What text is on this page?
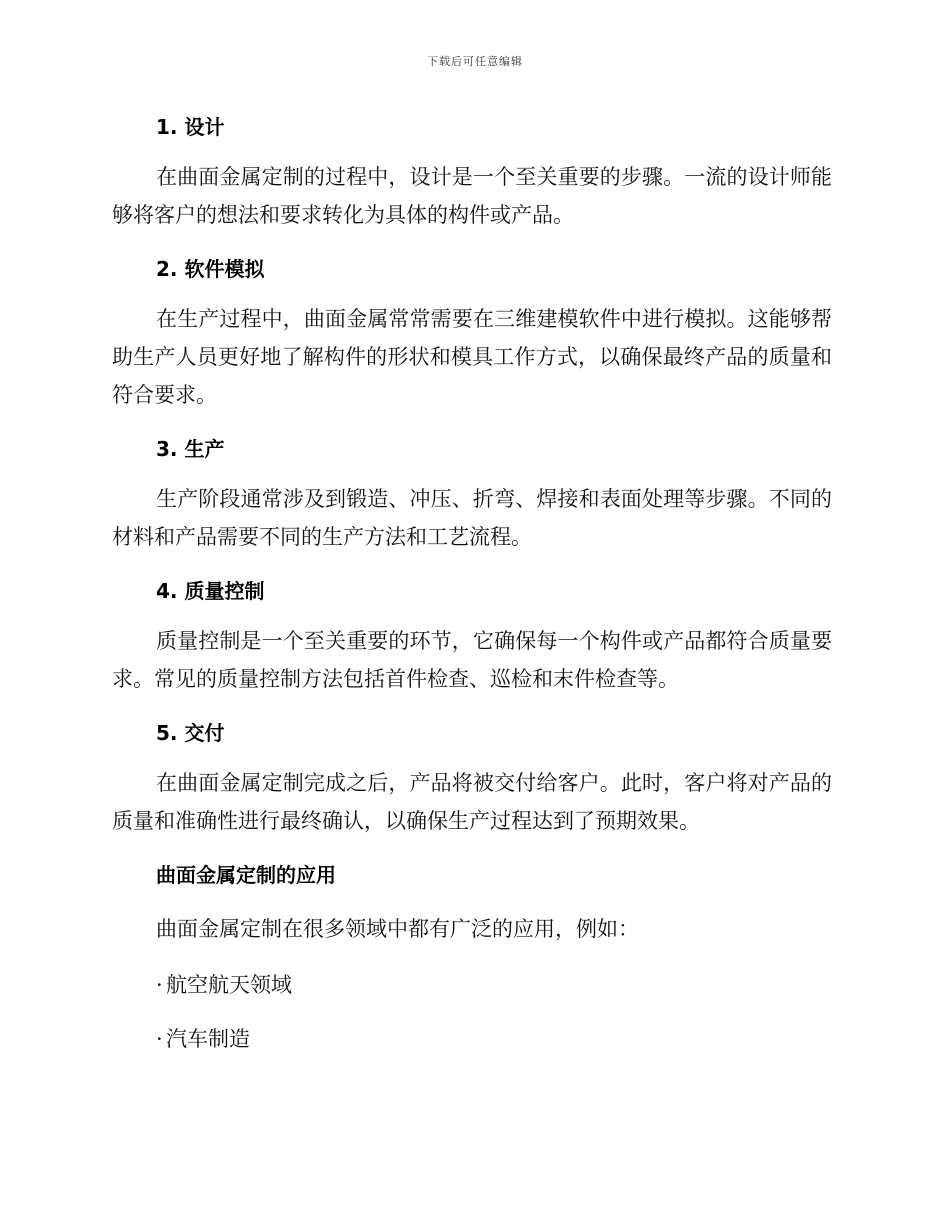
下载后可任意编辑

1. 设计

在曲面金属定制的过程中，设计是一个至关重要的步骤。一流的设计师能够将客户的想法和要求转化为具体的构件或产品。

2. 软件模拟

在生产过程中，曲面金属常常需要在三维建模软件中进行模拟。这能够帮助生产人员更好地了解构件的形状和模具工作方式，以确保最终产品的质量和符合要求。

3. 生产

生产阶段通常涉及到锻造、冲压、折弯、焊接和表面处理等步骤。不同的材料和产品需要不同的生产方法和工艺流程。

4. 质量控制

质量控制是一个至关重要的环节，它确保每一个构件或产品都符合质量要求。常见的质量控制方法包括首件检查、巡检和末件检查等。

5. 交付

在曲面金属定制完成之后，产品将被交付给客户。此时，客户将对产品的质量和准确性进行最终确认，以确保生产过程达到了预期效果。

曲面金属定制的应用

曲面金属定制在很多领域中都有广泛的应用，例如：

· 航空航天领域

· 汽车制造
